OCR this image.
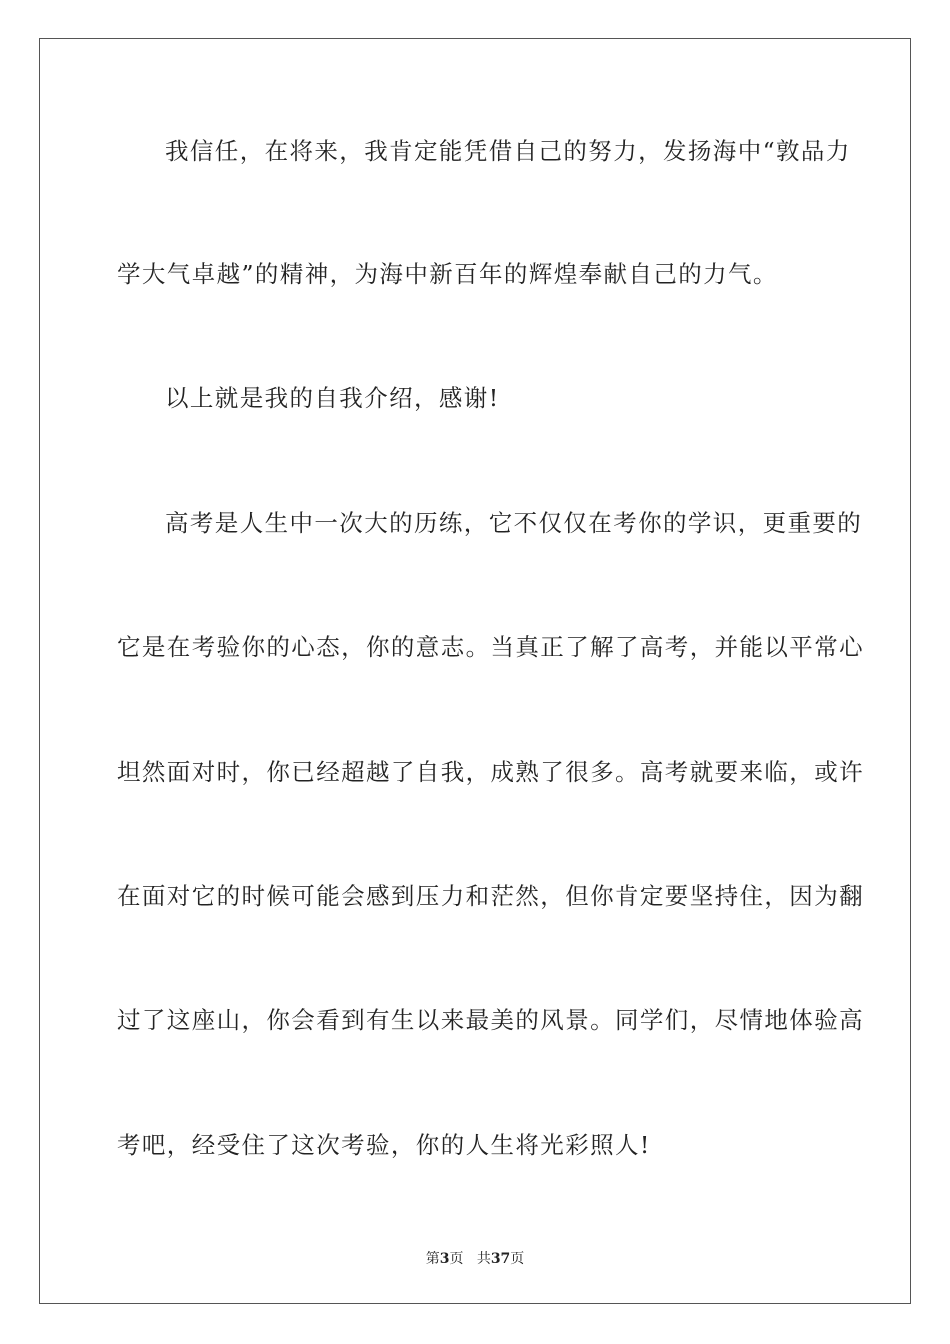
我信任，在将来，我肯定能凭借自己的努力，发扬海中“敦品力
学大气卓越”的精神，为海中新百年的辉煌奉献自己的力气。
以上就是我的自我介绍，感谢!
高考是人生中一次大的历练，它不仅仅在考你的学识，更重要的
它是在考验你的心态，你的意志。当真正了解了高考，并能以平常心
坦然面对时，你已经超越了自我，成熟了很多。高考就要来临，或许
在面对它的时候可能会感到压力和茫然，但你肯定要坚持住，因为翻
过了这座山，你会看到有生以来最美的风景。同学们，尽情地体验高
考吧，经受住了这次考验，你的人生将光彩照人!
第3页 共37页
